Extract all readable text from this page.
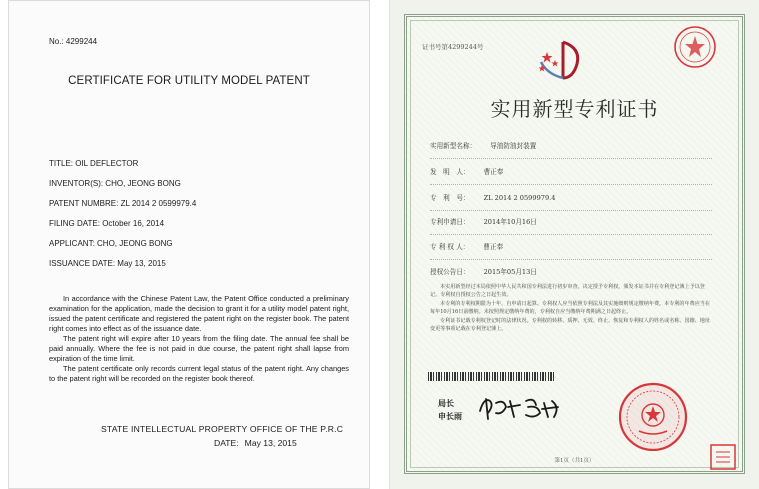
No.: 4299244
CERTIFICATE FOR UTILITY MODEL PATENT
TITLE: OIL DEFLECTOR
INVENTOR(S): CHO, JEONG BONG
PATENT NUMBRE: ZL 2014 2 0599979.4
FILING DATE: October 16, 2014
APPLICANT: CHO, JEONG BONG
ISSUANCE DATE: May 13, 2015

In accordance with the Chinese Patent Law, the Patent Office conducted a preliminary examination for the application, made the decision to grant it for a utility model patent right, issued the patent certificate and registered the patent right on the register book. The patent right comes into effect as of the issuance date.

The patent right will expire after 10 years from the filing date. The annual fee shall be paid annually. Where the fee is not paid in due course, the patent right shall lapse from expiration of the time limit.

The patent certificate only records current legal status of the patent right. Any changes to the patent right will be recorded on the register book thereof.

STATE INTELLECTUAL PROPERTY OFFICE OF THE P.R.C
DATE: May 13, 2015
证书号第4299244号
实用新型专利证书
实用新型名称： 导油防油封装置
发　明　人： 曹正奉
专　利　号： ZL 2014 2 0599979.4
专利申请日： 2014年10月16日
专 利 权 人： 曹正奉
授权公告日： 2015年05月13日

本实用新型经过本局依照中华人民共和国专利法进行初步审查，决定授予专利权，颁发本证书并在专利登记簿上予以登记。专利权自授权公告之日起生效。

本专利的专利权期限为十年，自申请日起算。专利权人应当依照专利法及其实施细则规定缴纳年费。本专利的年费应当在每年10月16日前缴纳。未按照规定缴纳年费的，专利权自应当缴纳年费期满之日起终止。

专利证书记载专利权登记时的法律状况。专利权的转移、质押、无效、终止、恢复和专利权人的姓名或名称、国籍、地址变更等事项记载在专利登记簿上。

局长
申长雨
第1页（共1页）
